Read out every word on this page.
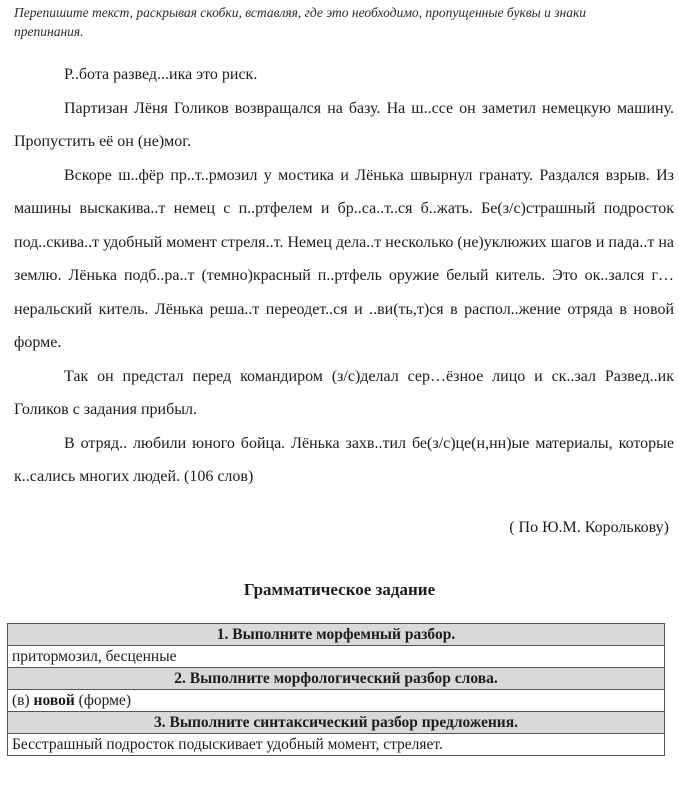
Перепишите текст, раскрывая скобки, вставляя, где это необходимо, пропущенные буквы и знаки препинания.

Р..бота развед...ика это риск.

Партизан Лёня Голиков возвращался на базу. На ш..ссе он заметил немецкую машину. Пропустить её он (не)мог.

Вскоре ш..фёр пр..т..рмозил у мостика и Лёнька швырнул гранату. Раздался взрыв. Из машины выскакива..т немец с п..ртфелем и бр..са..т..ся б..жать. Бе(з/с)страшный подросток под..скива..т удобный момент стреля..т. Немец дела..т несколько (не)уклюжих шагов и пада..т на землю. Лёнька подб..ра..т (темно)красный п..ртфель оружие белый китель. Это ок..зался г…неральский китель. Лёнька реша..т переодет..ся и ..ви(ть,т)ся в распол..жение отряда в новой форме.

Так он предстал перед командиром (з/с)делал сер…ёзное лицо и ск..зал Развед..ик Голиков с задания прибыл.

В отряд.. любили юного бойца. Лёнька захв..тил бе(з/с)це(н,нн)ые материалы, которые к..сались многих людей. (106 слов)

( По Ю.М. Королькову)
Грамматическое задание
1. Выполните морфемный разбор.
притормозил, бесценные
2. Выполните морфологический разбор слова.
(в) новой (форме)
3. Выполните синтаксический разбор предложения.
Бесстрашный подросток подыскивает удобный момент, стреляет.
